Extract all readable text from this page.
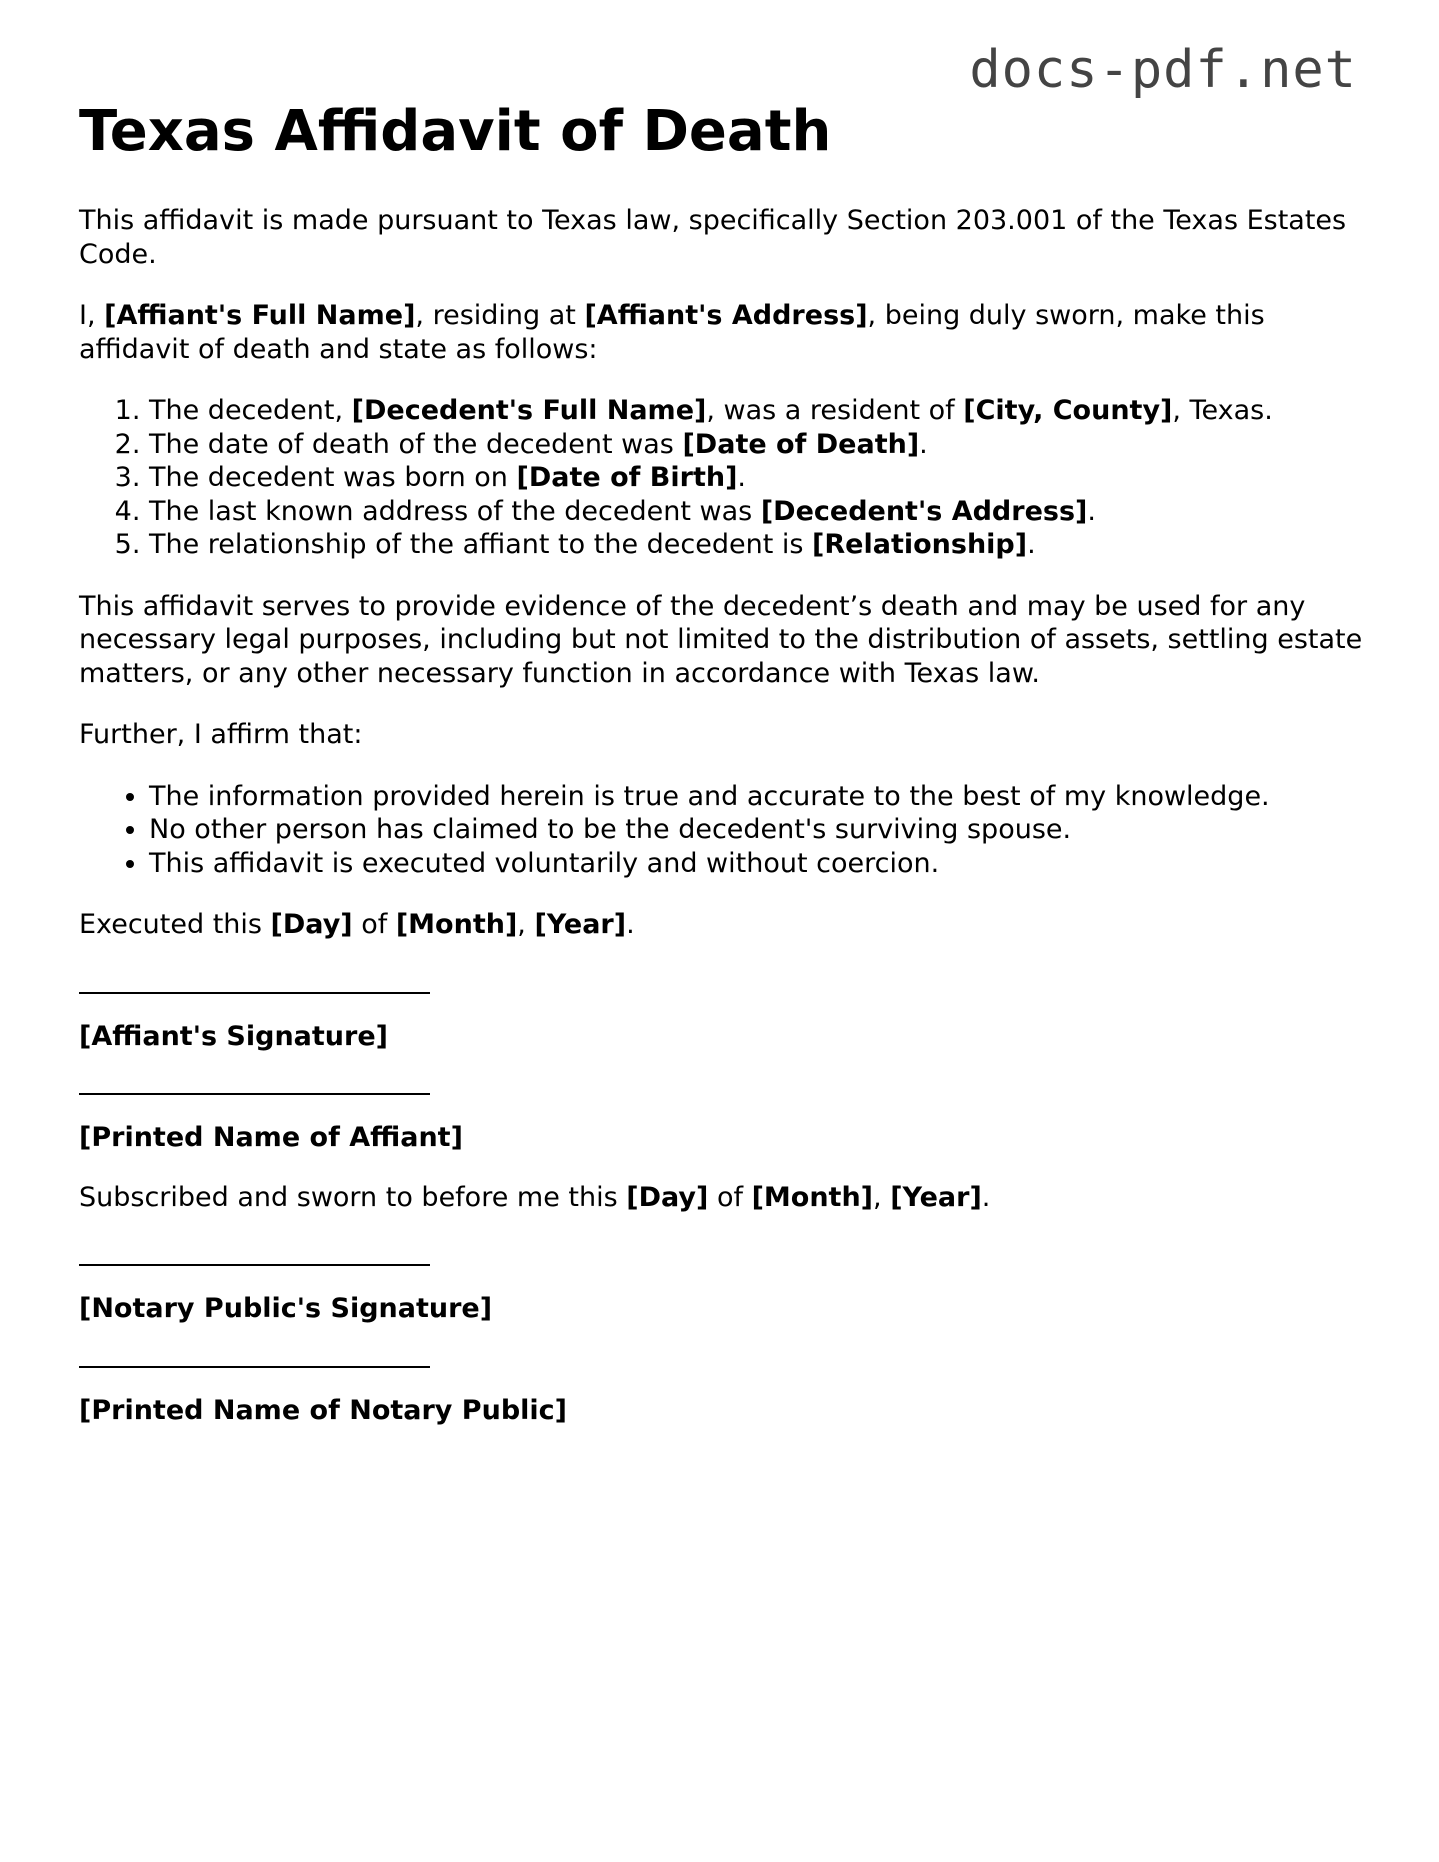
docs-pdf.net
Texas Affidavit of Death

This affidavit is made pursuant to Texas law, specifically Section 203.001 of the Texas Estates Code.

I, [Affiant's Full Name], residing at [Affiant's Address], being duly sworn, make this affidavit of death and state as follows:

1. The decedent, [Decedent's Full Name], was a resident of [City, County], Texas.
2. The date of death of the decedent was [Date of Death].
3. The decedent was born on [Date of Birth].
4. The last known address of the decedent was [Decedent's Address].
5. The relationship of the affiant to the decedent is [Relationship].

This affidavit serves to provide evidence of the decedent’s death and may be used for any necessary legal purposes, including but not limited to the distribution of assets, settling estate matters, or any other necessary function in accordance with Texas law.

Further, I affirm that:

• The information provided herein is true and accurate to the best of my knowledge.
• No other person has claimed to be the decedent's surviving spouse.
• This affidavit is executed voluntarily and without coercion.

Executed this [Day] of [Month], [Year].

[Affiant's Signature]
[Printed Name of Affiant]

Subscribed and sworn to before me this [Day] of [Month], [Year].

[Notary Public's Signature]
[Printed Name of Notary Public]
